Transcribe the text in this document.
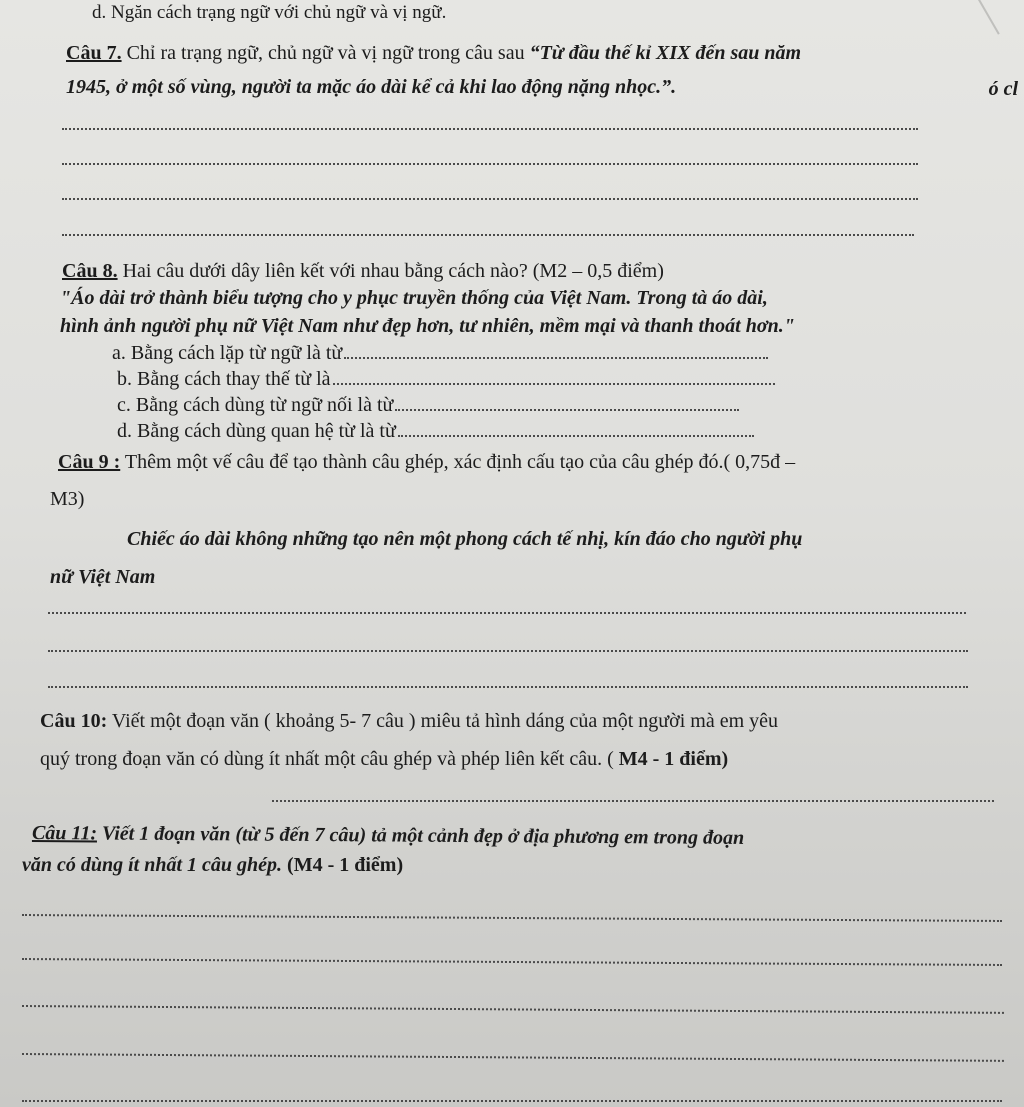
d. Ngăn cách trạng ngữ với chủ ngữ và vị ngữ.
Câu 7. Chỉ ra trạng ngữ, chủ ngữ và vị ngữ trong câu sau “Từ đầu thế kỉ XIX đến sau năm
1945, ở một số vùng, người ta mặc áo dài kể cả khi lao động nặng nhọc.”.	ó cl
Câu 8. Hai câu dưới dây liên kết với nhau bằng cách nào? (M2 – 0,5 điểm)
"Áo dài trở thành biểu tượng cho y phục truyền thống của Việt Nam. Trong tà áo dài,
hình ảnh người phụ nữ Việt Nam như đẹp hơn, tư nhiên, mềm mại và thanh thoát hơn."
a. Bằng cách lặp từ ngữ là từ
b. Bằng cách thay thế từ là
c. Bằng cách dùng từ ngữ nối là từ
d. Bằng cách dùng quan hệ từ là từ
Câu 9 : Thêm một vế câu để tạo thành câu ghép, xác định cấu tạo của câu ghép đó.( 0,75đ –
M3)
Chiếc áo dài không những tạo nên một phong cách tế nhị, kín đáo cho người phụ
nữ Việt Nam
Câu 10: Viết một đoạn văn ( khoảng 5- 7 câu ) miêu tả hình dáng của một người mà em yêu
quý trong đoạn văn có dùng ít nhất một câu ghép và phép liên kết câu. ( M4 - 1 điểm)
Câu 11: Viết 1 đoạn văn (từ 5 đến 7 câu) tả một cảnh đẹp ở địa phương em trong đoạn
văn có dùng ít nhất 1 câu ghép. (M4 - 1 điểm)
